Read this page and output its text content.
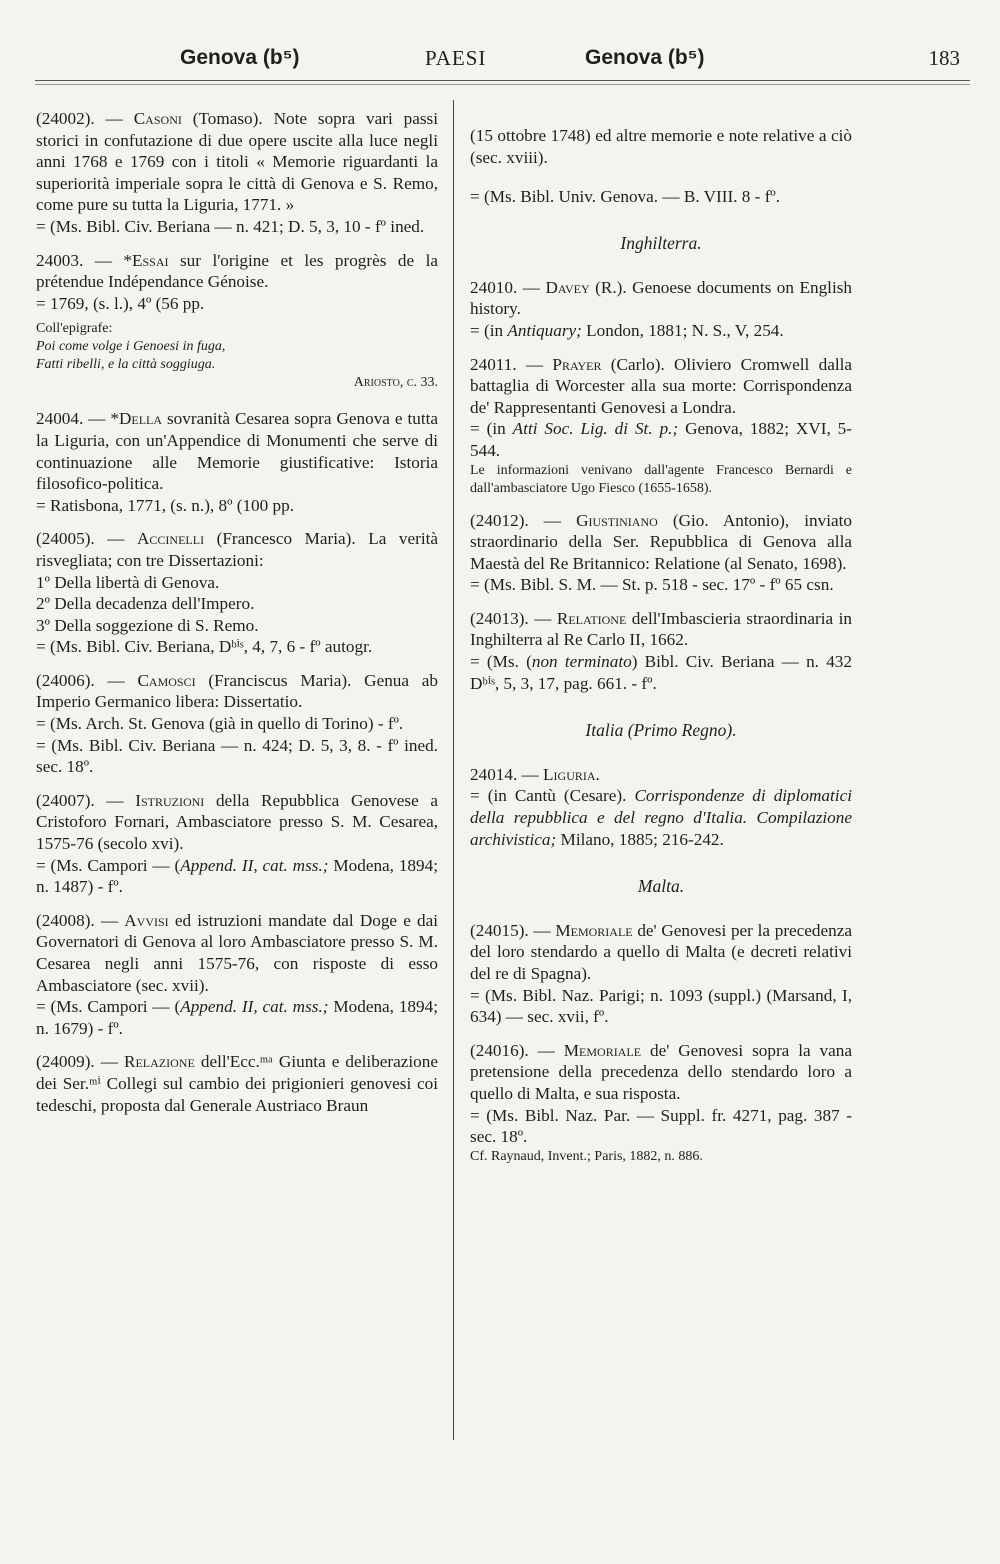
Genova (b⁵)	PAESI	Genova (b⁵)	183

(24002). — Casoni (Tomaso). Note sopra vari passi storici in confutazione di due opere uscite alla luce negli anni 1768 e 1769 con i titoli « Memorie riguardanti la superiorità imperiale sopra le città di Genova e S. Remo, come pure su tutta la Liguria, 1771. »

= (Ms. Bibl. Civ. Beriana — n. 421; D. 5, 3, 10 - fº ined.

24003. — *Essai sur l'origine et les progrès de la prétendue Indépendance Génoise.

= 1769, (s. l.), 4º (56 pp.

Coll'epigrafe:

Poi come volge i Genoesi in fuga,

Fatti ribelli, e la città soggiuga.

Ariosto, c. 33.

24004. — *Della sovranità Cesarea sopra Genova e tutta la Liguria, con un'Appendice di Monumenti che serve di continuazione alle Memorie giustificative: Istoria filosofico-politica.

= Ratisbona, 1771, (s. n.), 8º (100 pp.

(24005). — Accinelli (Francesco Maria). La verità risvegliata; con tre Dissertazioni:

1º Della libertà di Genova.

2º Della decadenza dell'Impero.

3º Della soggezione di S. Remo.

= (Ms. Bibl. Civ. Beriana, Dᵇⁱˢ, 4, 7, 6 - fº autogr.

(24006). — Camosci (Franciscus Maria). Genua ab Imperio Germanico libera: Dissertatio.

= (Ms. Arch. St. Genova (già in quello di Torino) - fº.

= (Ms. Bibl. Civ. Beriana — n. 424; D. 5, 3, 8. - fº ined. sec. 18º.

(24007). — Istruzioni della Repubblica Genovese a Cristoforo Fornari, Ambasciatore presso S. M. Cesarea, 1575-76 (secolo xvi).

= (Ms. Campori — (Append. II, cat. mss.; Modena, 1894; n. 1487) - fº.

(24008). — Avvisi ed istruzioni mandate dal Doge e dai Governatori di Genova al loro Ambasciatore presso S. M. Cesarea negli anni 1575-76, con risposte di esso Ambasciatore (sec. xvii).

= (Ms. Campori — (Append. II, cat. mss.; Modena, 1894; n. 1679) - fº.

(24009). — Relazione dell'Ecc.ᵐᵃ Giunta e deliberazione dei Ser.ᵐⁱ Collegi sul cambio dei prigionieri genovesi coi tedeschi, proposta dal Generale Austriaco Braun

(15 ottobre 1748) ed altre memorie e note relative a ciò (sec. xviii).

= (Ms. Bibl. Univ. Genova. — B. VIII. 8 - fº.

Inghilterra.

24010. — Davey (R.). Genoese documents on English history.

= (in Antiquary; London, 1881; N. S., V, 254.

24011. — Prayer (Carlo). Oliviero Cromwell dalla battaglia di Worcester alla sua morte: Corrispondenza de' Rappresentanti Genovesi a Londra.

= (in Atti Soc. Lig. di St. p.; Genova, 1882; XVI, 5-544.

Le informazioni venivano dall'agente Francesco Bernardi e dall'ambasciatore Ugo Fiesco (1655-1658).

(24012). — Giustiniano (Gio. Antonio), inviato straordinario della Ser. Repubblica di Genova alla Maestà del Re Britannico: Relatione (al Senato, 1698).

= (Ms. Bibl. S. M. — St. p. 518 - sec. 17º - fº 65 csn.

(24013). — Relatione dell'Imbascieria straordinaria in Inghilterra al Re Carlo II, 1662.

= (Ms. (non terminato) Bibl. Civ. Beriana — n. 432 Dᵇⁱˢ, 5, 3, 17, pag. 661. - fº.

Italia (Primo Regno).

24014. — Liguria.

= (in Cantù (Cesare). Corrispondenze di diplomatici della repubblica e del regno d'Italia. Compilazione archivistica; Milano, 1885; 216-242.

Malta.

(24015). — Memoriale de' Genovesi per la precedenza del loro stendardo a quello di Malta (e decreti relativi del re di Spagna).

= (Ms. Bibl. Naz. Parigi; n. 1093 (suppl.) (Marsand, I, 634) — sec. xvii, fº.

(24016). — Memoriale de' Genovesi sopra la vana pretensione della precedenza dello stendardo loro a quello di Malta, e sua risposta.

= (Ms. Bibl. Naz. Par. — Suppl. fr. 4271, pag. 387 - sec. 18º.

Cf. Raynaud, Invent.; Paris, 1882, n. 886.
